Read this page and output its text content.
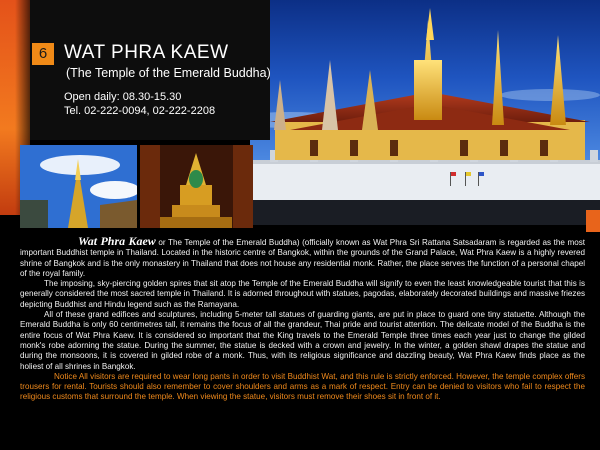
6 WAT PHRA KAEW
(The Temple of the Emerald Buddha)
Open daily: 08.30-15.30
Tel. 02-222-0094, 02-222-2208

Wat Phra Kaew or The Temple of the Emerald Buddha) (officially known as Wat Phra Sri Rattana Satsadaram is regarded as the most important Buddhist temple in Thailand. Located in the historic centre of Bangkok, within the grounds of the Grand Palace, Wat Phra Kaew is a highly revered shrine of Bangkok and is the only monastery in Thailand that does not house any residential monk. Rather, the place serves the function of a personal chapel of the royal family.

The imposing, sky-piercing golden spires that sit atop the Temple of the Emerald Buddha will signify to even the least knowledgeable tourist that this is generally considered the most sacred temple in Thailand. It is adorned throughout with statues, pagodas, elaborately decorated buildings and massive friezes depicting Buddhist and Hindu legend such as the Ramayana.

All of these grand edifices and sculptures, including 5-meter tall statues of guarding giants, are put in place to guard one tiny statuette. Although the Emerald Buddha is only 60 centimetres tall, it remains the focus of all the grandeur, Thai pride and tourist attention. The delicate model of the Buddha is the entire focus of Wat Phra Kaew. It is considered so important that the King travels to the Emerald Temple three times each year just to change the gilded monk's robe adorning the statue. During the summer, the statue is decked with a crown and jewelry. In the winter, a golden shawl drapes the statue and during the monsoons, it is covered in gilded robe of a monk. Thus, with its religious significance and dazzling beauty, Wat Phra Kaew finds place as the holiest of all shrines in Bangkok.

Notice All visitors are required to wear long pants in order to visit Buddhist Wat, and this rule is strictly enforced. However, the temple complex offers trousers for rental. Tourists should also remember to cover shoulders and arms as a mark of respect. Entry can be denied to visitors who fail to respect the religious customs that surround the temple. When viewing the statue, visitors must remove their shoes sit in front of it.
